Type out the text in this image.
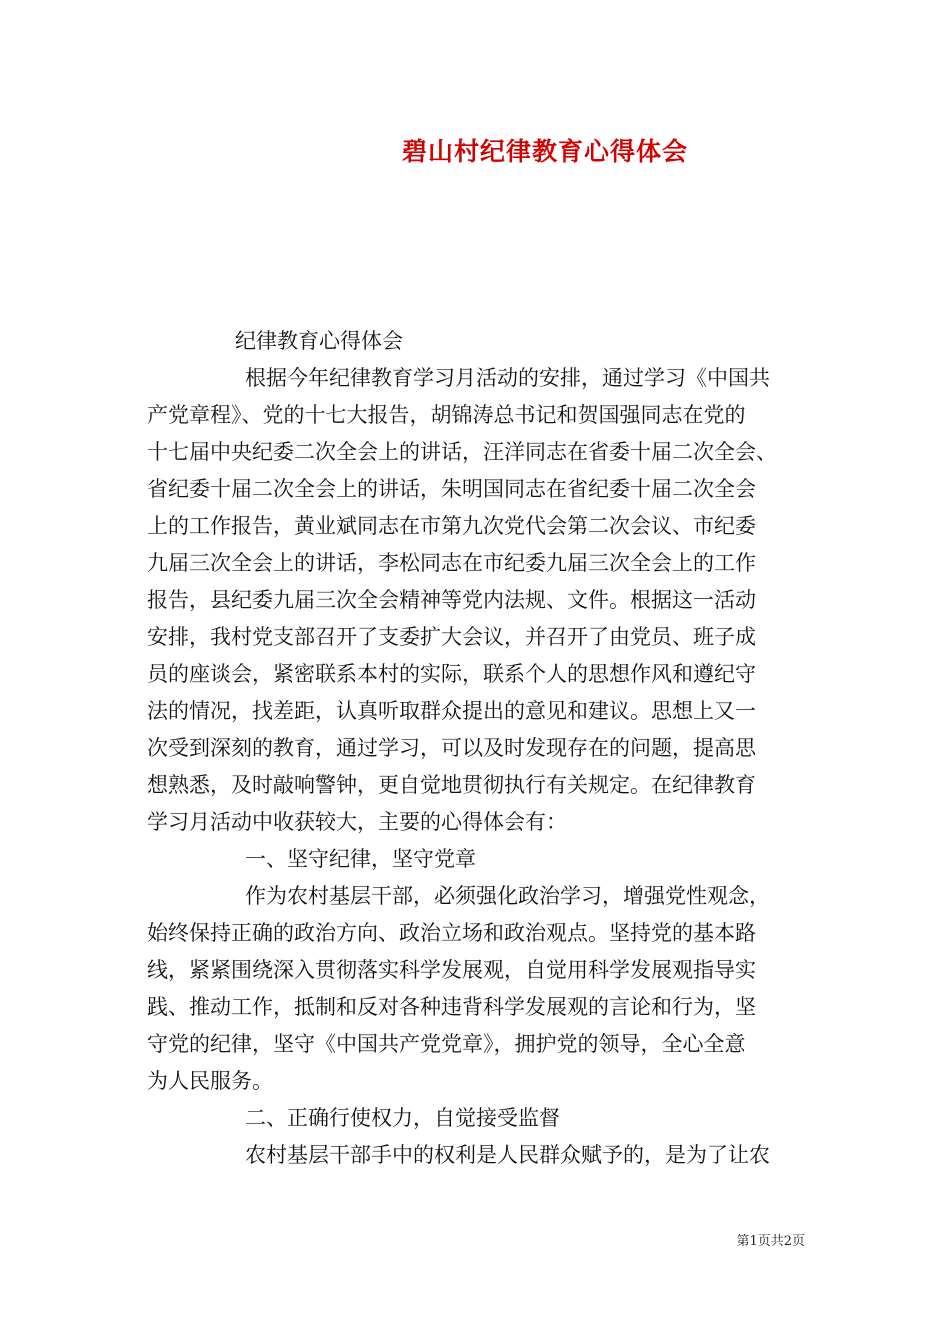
碧山村纪律教育心得体会
纪律教育心得体会
根据今年纪律教育学习月活动的安排，通过学习《中国共
产党章程》、党的十七大报告，胡锦涛总书记和贺国强同志在党的
十七届中央纪委二次全会上的讲话，汪洋同志在省委十届二次全会、
省纪委十届二次全会上的讲话，朱明国同志在省纪委十届二次全会
上的工作报告，黄业斌同志在市第九次党代会第二次会议、市纪委
九届三次全会上的讲话，李松同志在市纪委九届三次全会上的工作
报告，县纪委九届三次全会精神等党内法规、文件。根据这一活动
安排，我村党支部召开了支委扩大会议，并召开了由党员、班子成
员的座谈会，紧密联系本村的实际，联系个人的思想作风和遵纪守
法的情况，找差距，认真听取群众提出的意见和建议。思想上又一
次受到深刻的教育，通过学习，可以及时发现存在的问题，提高思
想熟悉，及时敲响警钟，更自觉地贯彻执行有关规定。在纪律教育
学习月活动中收获较大，主要的心得体会有：
一、坚守纪律，坚守党章
作为农村基层干部，必须强化政治学习，增强党性观念，
始终保持正确的政治方向、政治立场和政治观点。坚持党的基本路
线，紧紧围绕深入贯彻落实科学发展观，自觉用科学发展观指导实
践、推动工作，抵制和反对各种违背科学发展观的言论和行为，坚
守党的纪律，坚守《中国共产党党章》，拥护党的领导，全心全意
为人民服务。
二、正确行使权力，自觉接受监督
农村基层干部手中的权利是人民群众赋予的，是为了让农
第1页共2页
